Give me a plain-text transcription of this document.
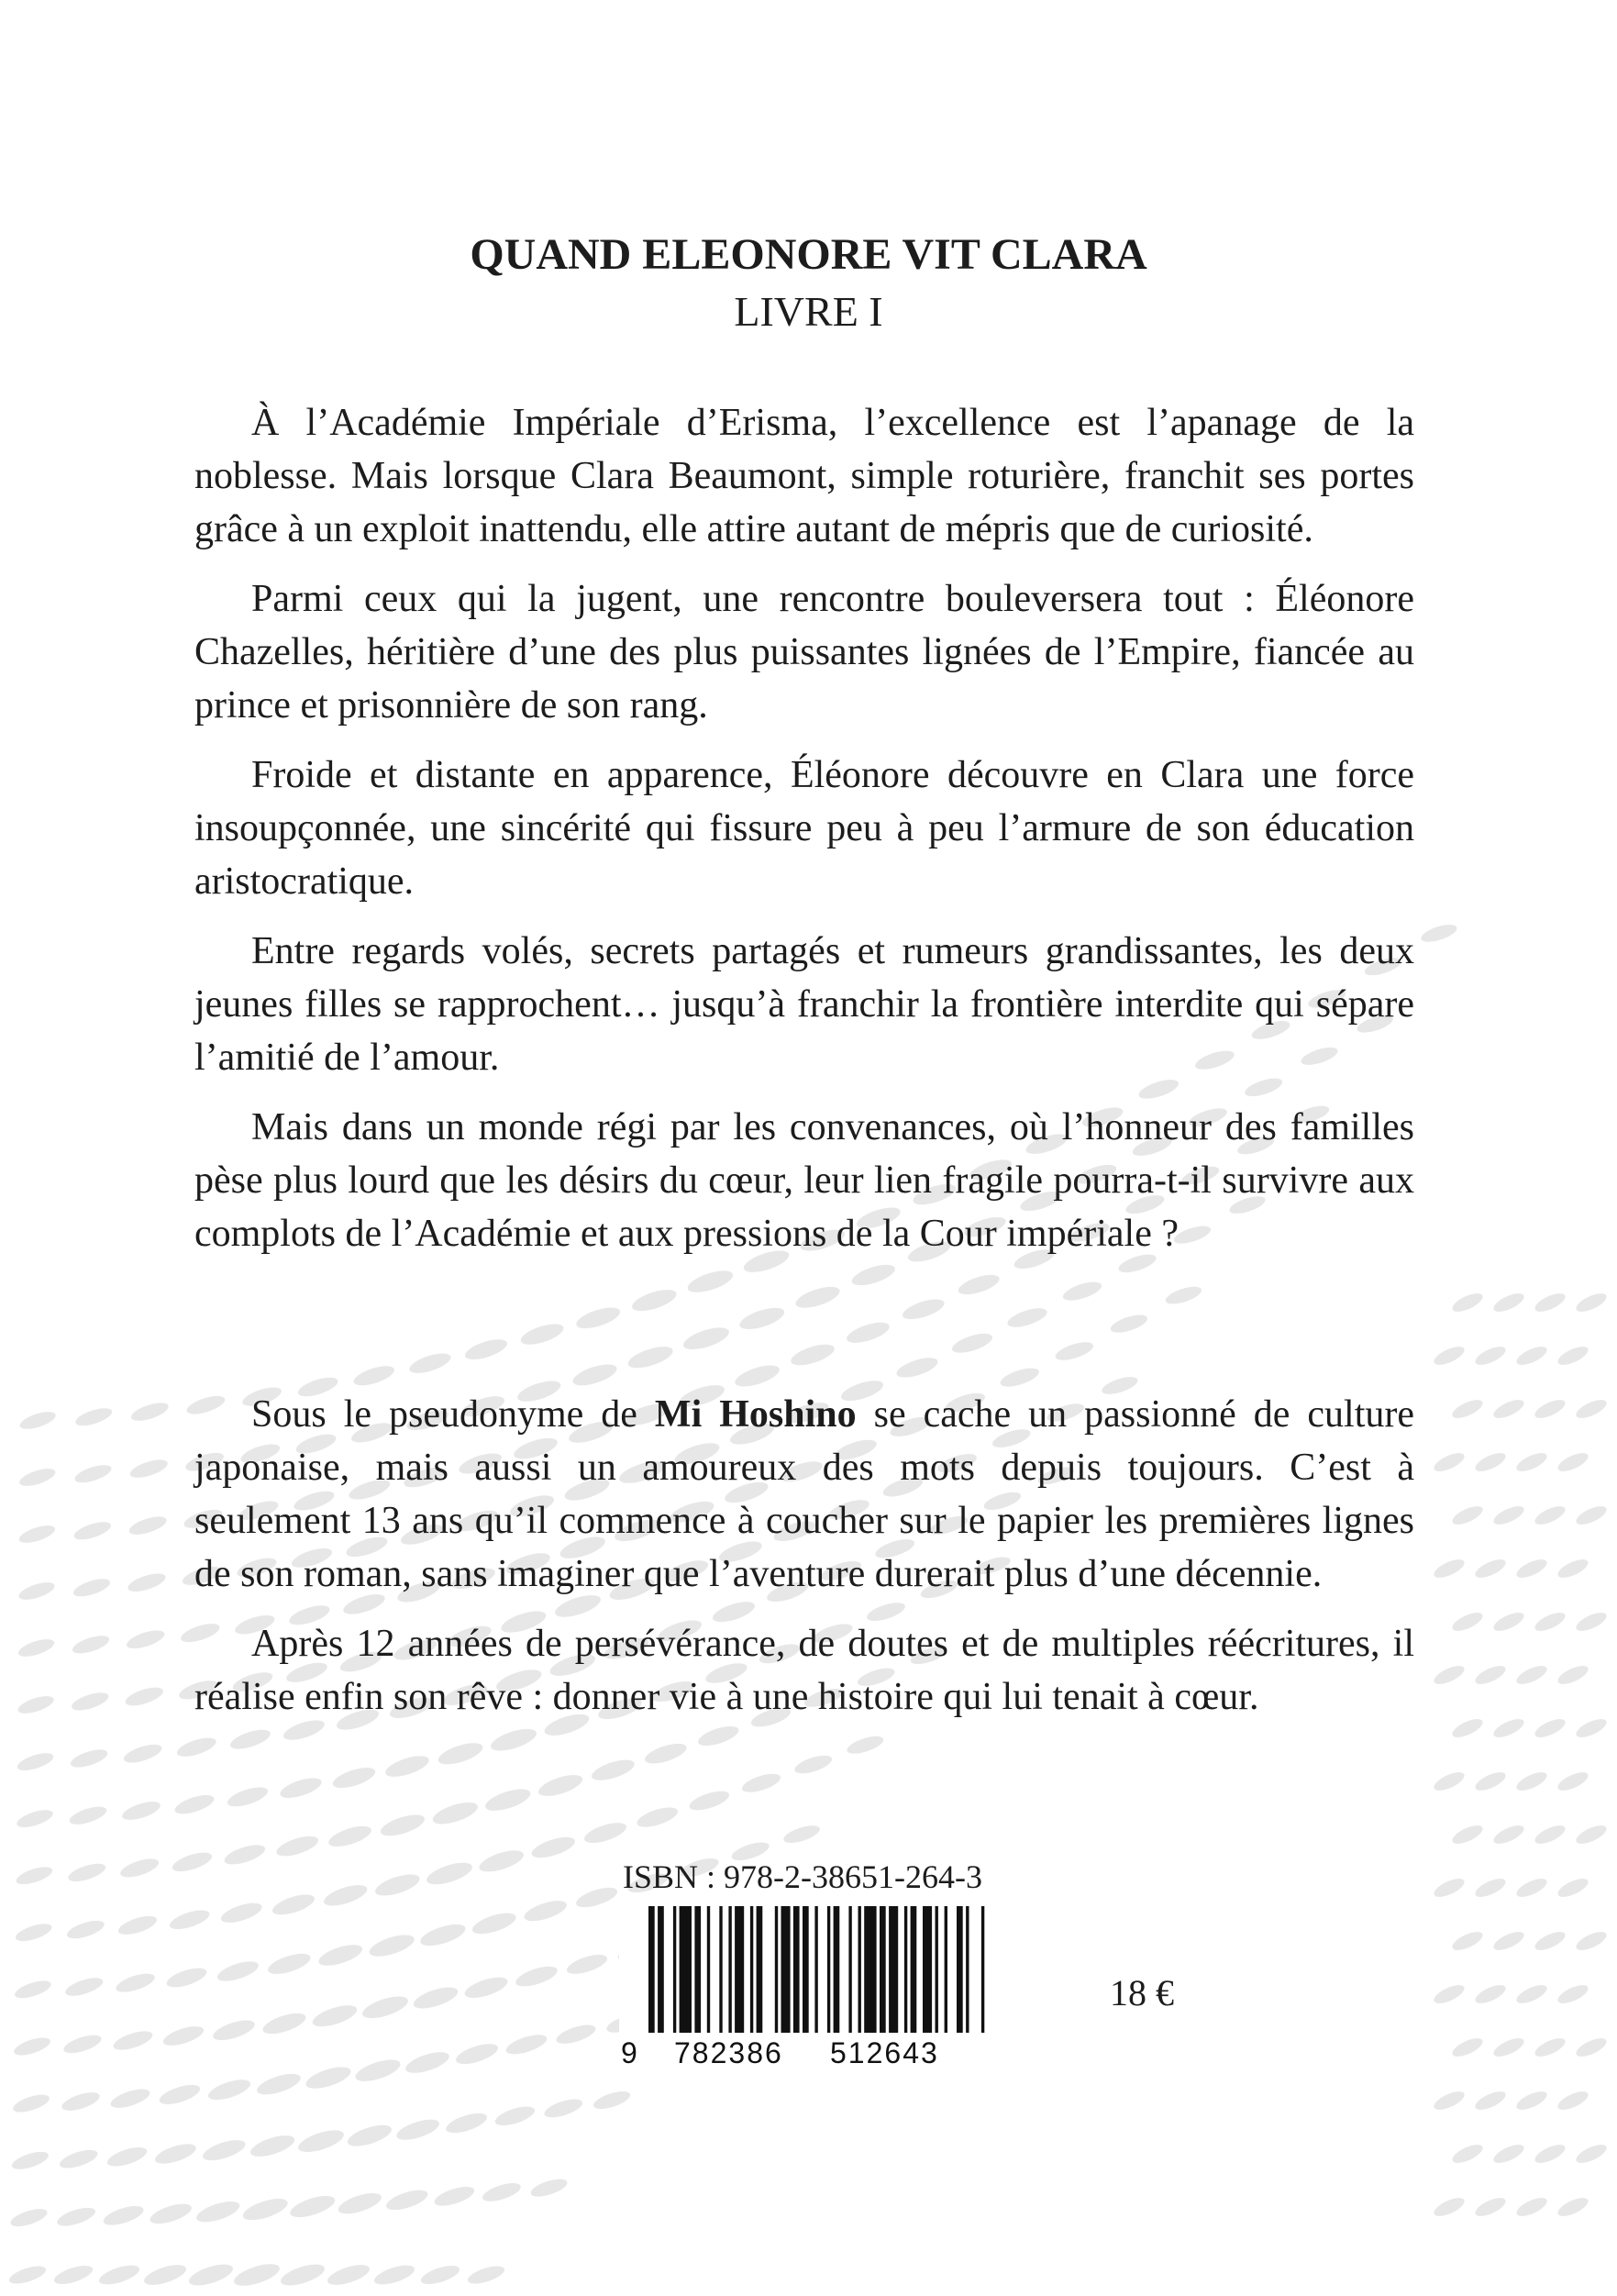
QUAND ELEONORE VIT CLARA
LIVRE I

À l’Académie Impériale d’Erisma, l’excellence est l’apanage de la noblesse. Mais lorsque Clara Beaumont, simple roturière, franchit ses portes grâce à un exploit inattendu, elle attire autant de mépris que de curiosité.

Parmi ceux qui la jugent, une rencontre bouleversera tout : Éléonore Chazelles, héritière d’une des plus puissantes lignées de l’Empire, fiancée au prince et prisonnière de son rang.

Froide et distante en apparence, Éléonore découvre en Clara une force insoupçonnée, une sincérité qui fissure peu à peu l’armure de son éducation aristocratique.

Entre regards volés, secrets partagés et rumeurs grandissantes, les deux jeunes filles se rapprochent… jusqu’à franchir la frontière interdite qui sépare l’amitié de l’amour.

Mais dans un monde régi par les convenances, où l’honneur des familles pèse plus lourd que les désirs du cœur, leur lien fragile pourra-t-il survivre aux complots de l’Académie et aux pressions de la Cour impériale ?

Sous le pseudonyme de Mi Hoshino se cache un passionné de culture japonaise, mais aussi un amoureux des mots depuis toujours. C’est à seulement 13 ans qu’il commence à coucher sur le papier les premières lignes de son roman, sans imaginer que l’aventure durerait plus d’une décennie.

Après 12 années de persévérance, de doutes et de multiples réécritures, il réalise enfin son rêve : donner vie à une histoire qui lui tenait à cœur.

ISBN : 978-2-38651-264-3
9 782386 512643
18 €
